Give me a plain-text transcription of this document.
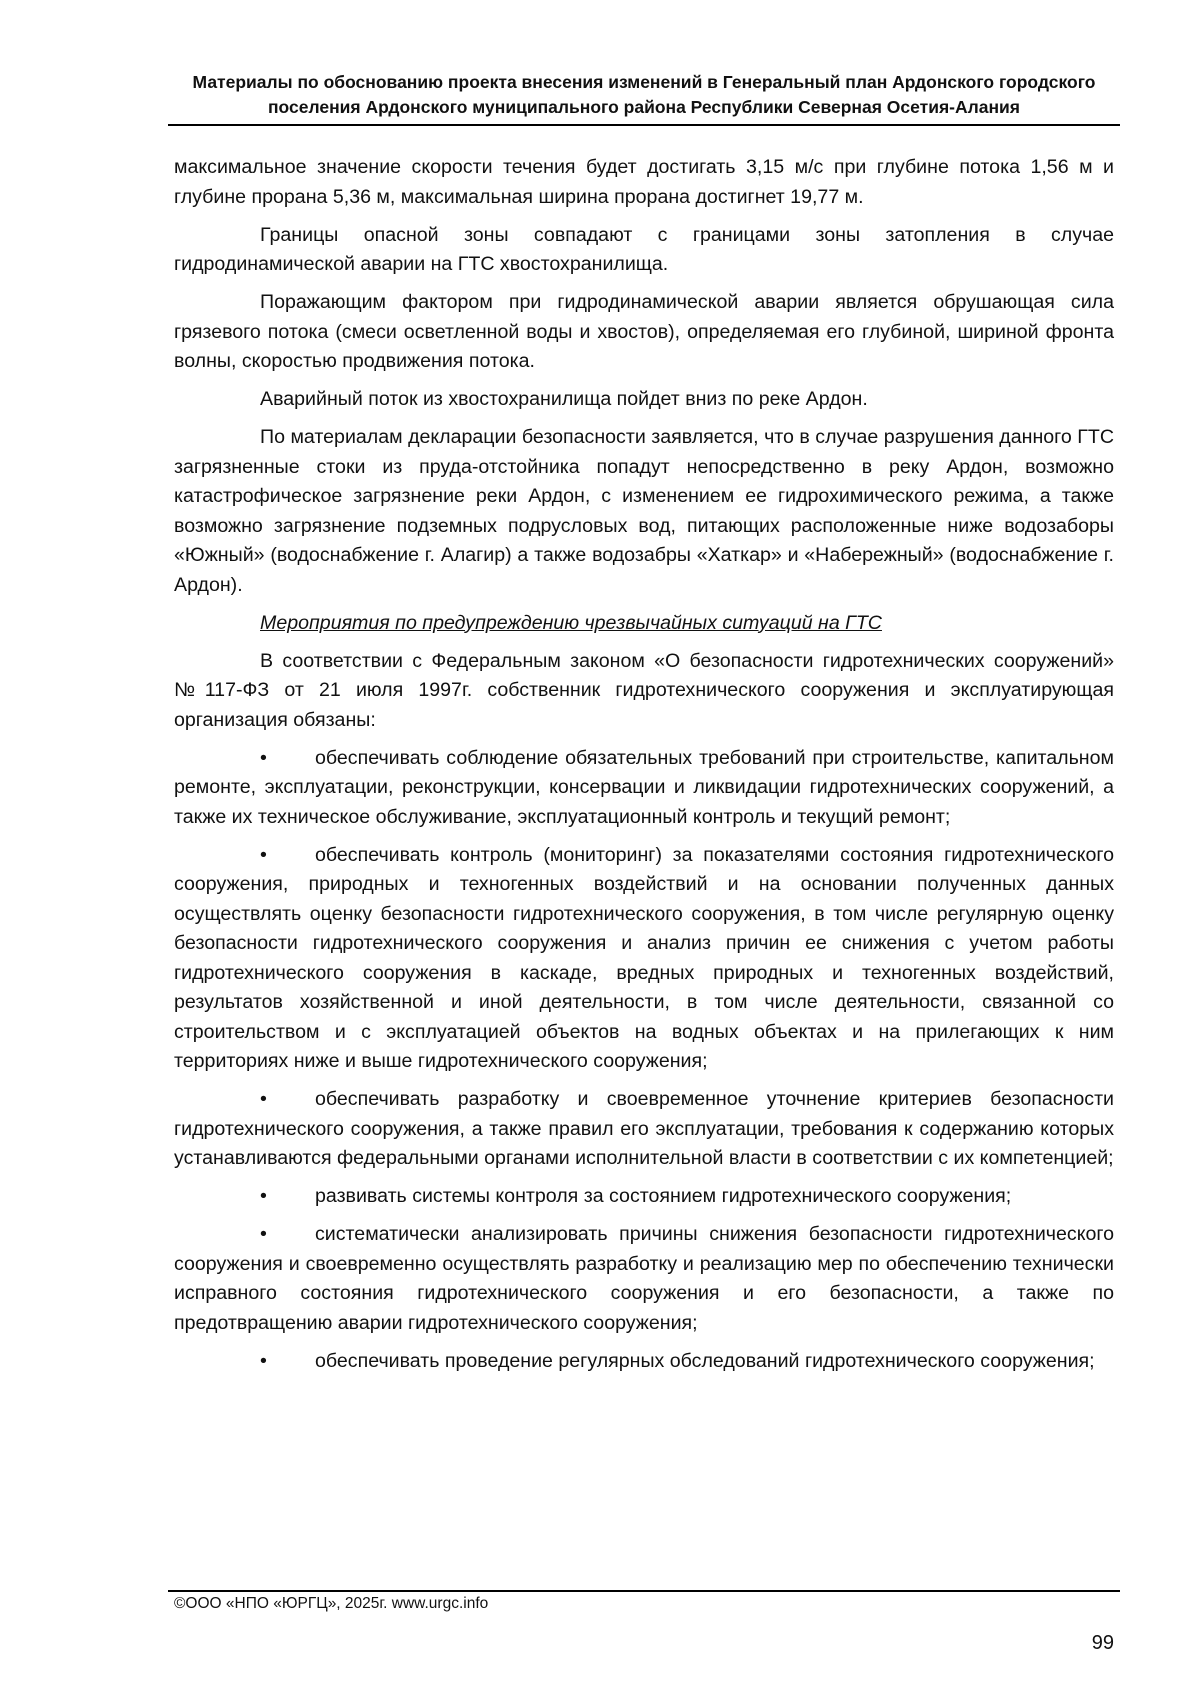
Материалы по обоснованию проекта внесения изменений в Генеральный план Ардонского городского
поселения Ардонского муниципального района Республики Северная Осетия-Алания

максимальное значение скорости течения будет достигать 3,15 м/с при глубине потока 1,56 м и глубине прорана 5,36 м, максимальная ширина прорана достигнет 19,77 м.

Границы опасной зоны совпадают с границами зоны затопления в случае гидродинамической аварии на ГТС хвостохранилища.

Поражающим фактором при гидродинамической аварии является обрушающая сила грязевого потока (смеси осветленной воды и хвостов), определяемая его глубиной, шириной фронта волны, скоростью продвижения потока.

Аварийный поток из хвостохранилища пойдет вниз по реке Ардон.

По материалам декларации безопасности заявляется, что в случае разрушения данного ГТС загрязненные стоки из пруда-отстойника попадут непосредственно в реку Ардон, возможно катастрофическое загрязнение реки Ардон, с изменением ее гидрохимического режима, а также возможно загрязнение подземных подрусловых вод, питающих расположенные ниже водозаборы «Южный» (водоснабжение г. Алагир) а также водозабры «Хаткар» и «Набережный» (водоснабжение г. Ардон).

Мероприятия по предупреждению чрезвычайных ситуаций на ГТС

В соответствии с Федеральным законом «О безопасности гидротехнических сооружений» №117-ФЗ от 21 июля 1997г. собственник гидротехнического сооружения и эксплуатирующая организация обязаны:

• обеспечивать соблюдение обязательных требований при строительстве, капитальном ремонте, эксплуатации, реконструкции, консервации и ликвидации гидротехнических сооружений, а также их техническое обслуживание, эксплуатационный контроль и текущий ремонт;

• обеспечивать контроль (мониторинг) за показателями состояния гидротехнического сооружения, природных и техногенных воздействий и на основании полученных данных осуществлять оценку безопасности гидротехнического сооружения, в том числе регулярную оценку безопасности гидротехнического сооружения и анализ причин ее снижения с учетом работы гидротехнического сооружения в каскаде, вредных природных и техногенных воздействий, результатов хозяйственной и иной деятельности, в том числе деятельности, связанной со строительством и с эксплуатацией объектов на водных объектах и на прилегающих к ним территориях ниже и выше гидротехнического сооружения;

• обеспечивать разработку и своевременное уточнение критериев безопасности гидротехнического сооружения, а также правил его эксплуатации, требования к содержанию которых устанавливаются федеральными органами исполнительной власти в соответствии с их компетенцией;

• развивать системы контроля за состоянием гидротехнического сооружения;

• систематически анализировать причины снижения безопасности гидротехнического сооружения и своевременно осуществлять разработку и реализацию мер по обеспечению технически исправного состояния гидротехнического сооружения и его безопасности, а также по предотвращению аварии гидротехнического сооружения;

• обеспечивать проведение регулярных обследований гидротехнического сооружения;

©ООО «НПО «ЮРГЦ», 2025г. www.urgc.info
99
